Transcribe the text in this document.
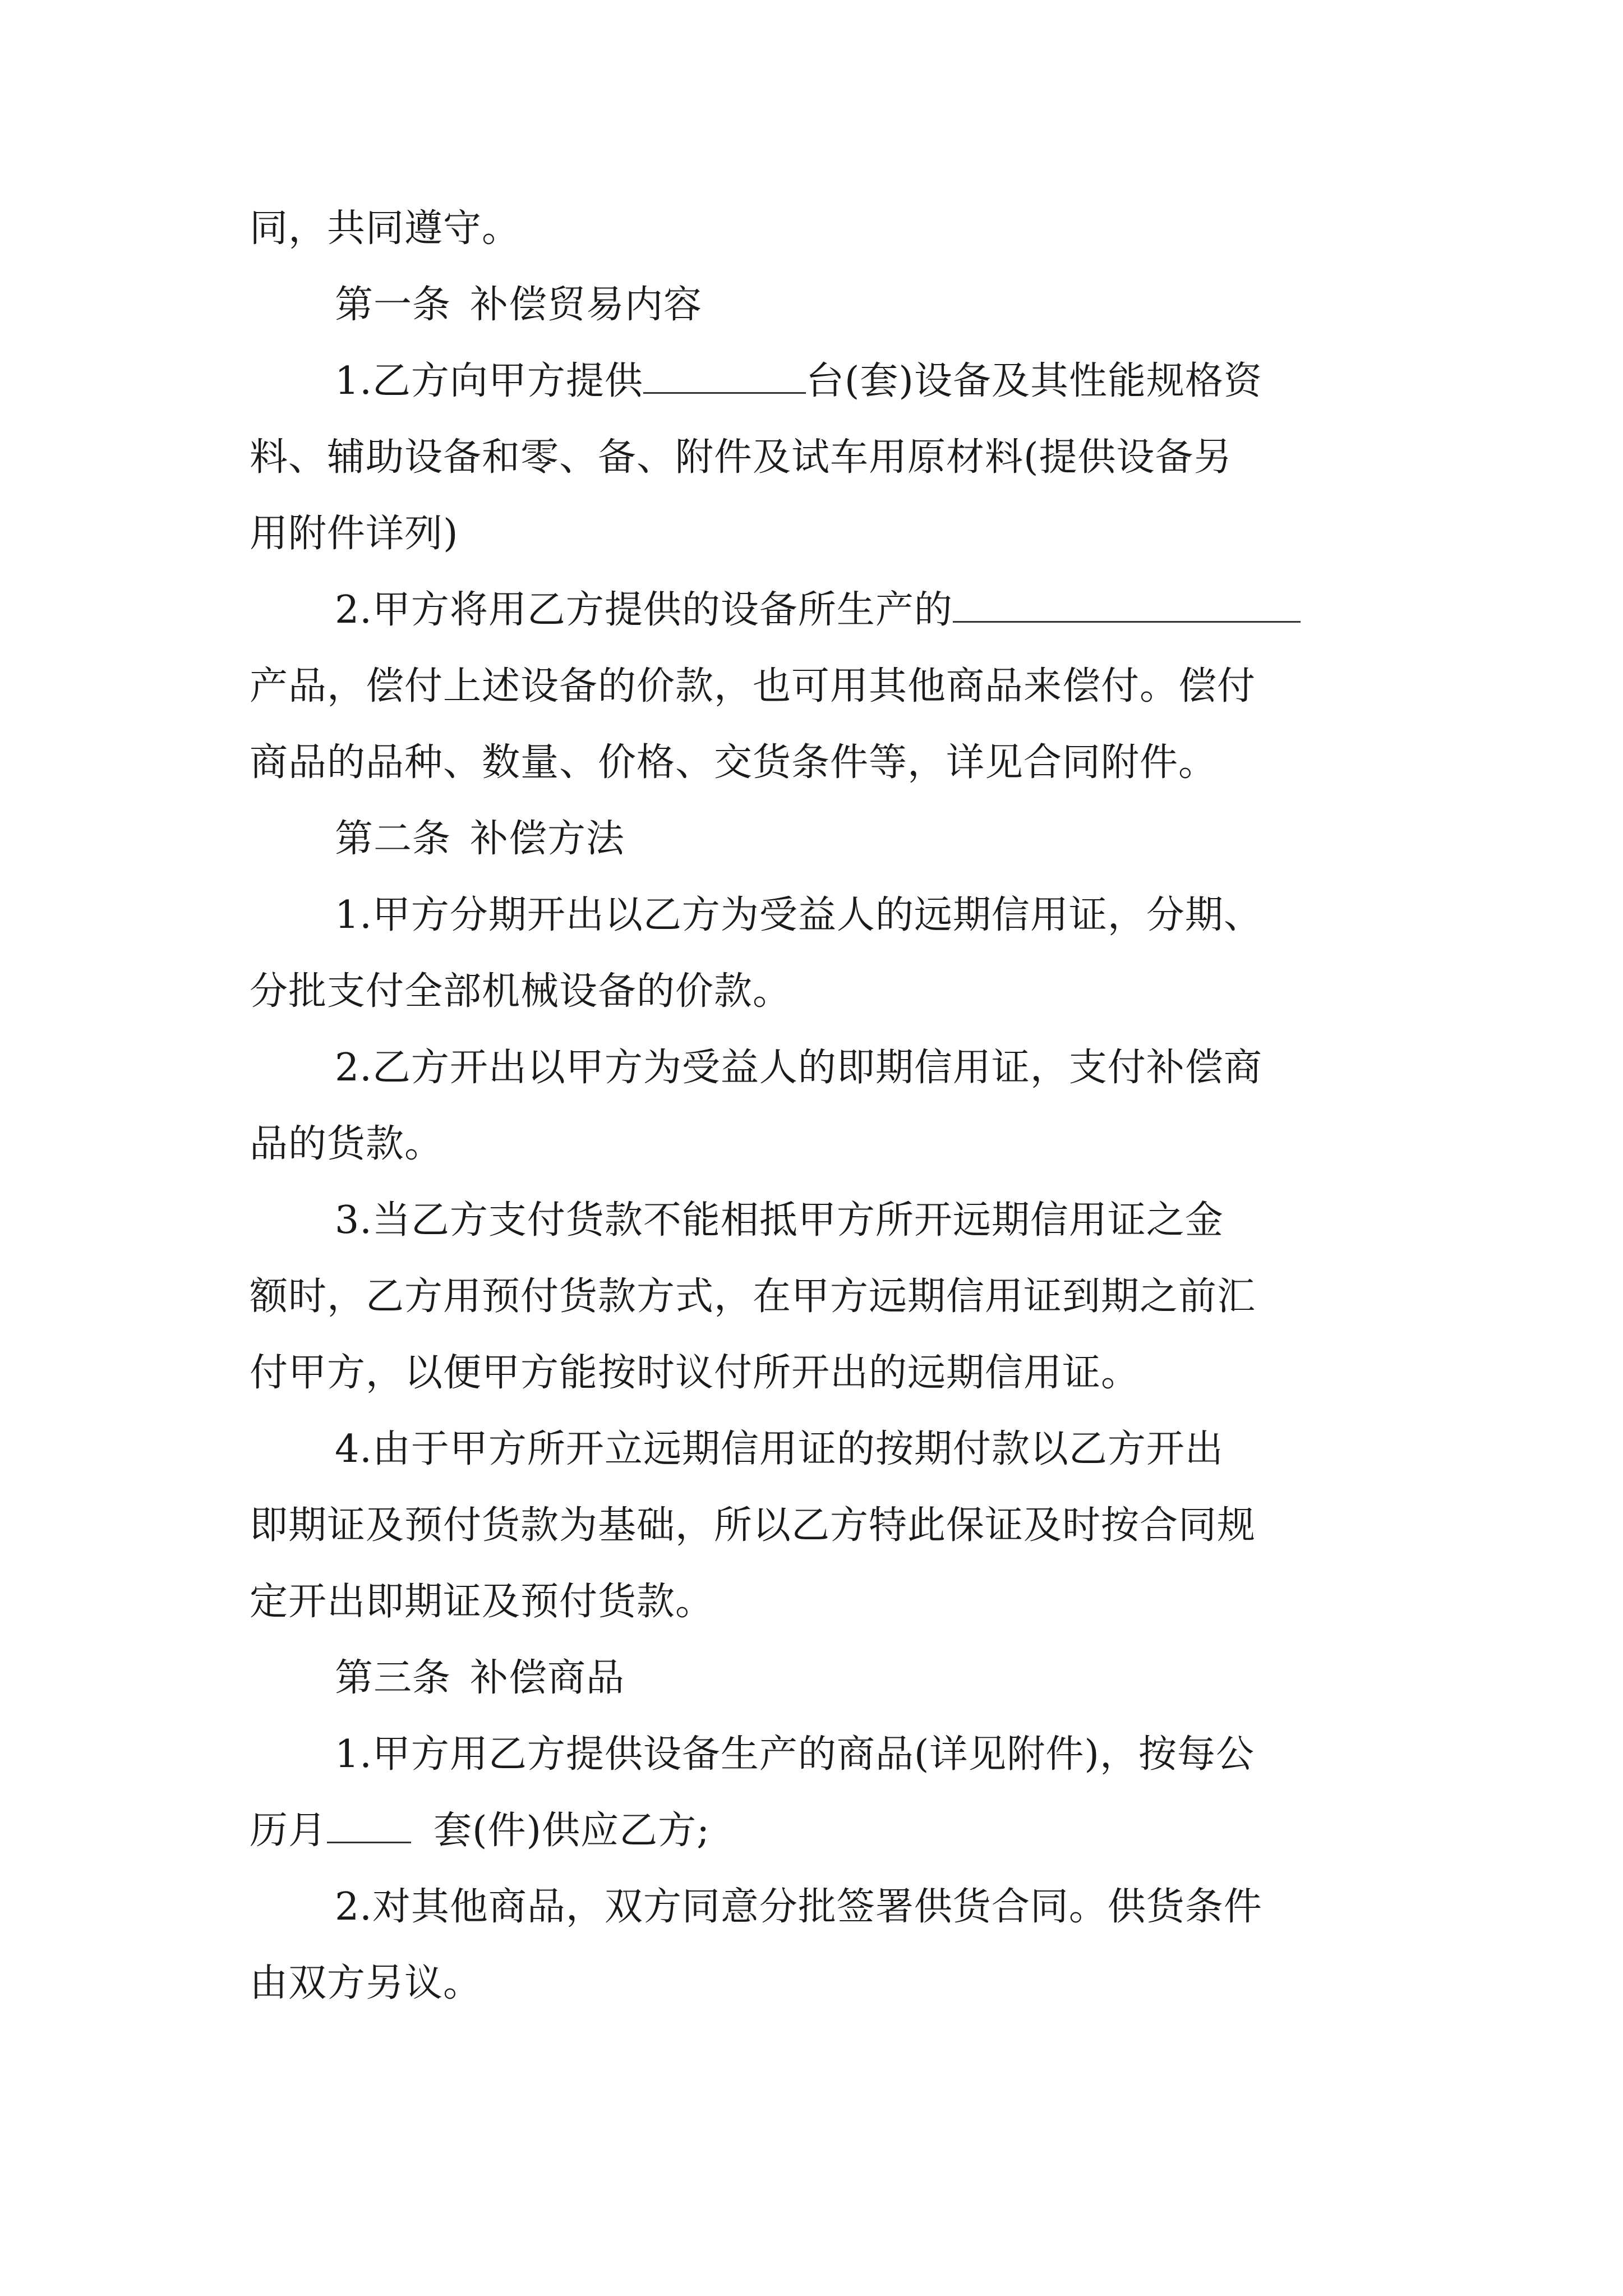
同，共同遵守。
第一条 补偿贸易内容
1.乙方向甲方提供	台(套)设备及其性能规格资
料、辅助设备和零、备、附件及试车用原材料(提供设备另
用附件详列)
2.甲方将用乙方提供的设备所生产的
产品，偿付上述设备的价款，也可用其他商品来偿付。偿付
商品的品种、数量、价格、交货条件等，详见合同附件。
第二条 补偿方法
1.甲方分期开出以乙方为受益人的远期信用证，分期、
分批支付全部机械设备的价款。
2.乙方开出以甲方为受益人的即期信用证，支付补偿商
品的货款。
3.当乙方支付货款不能相抵甲方所开远期信用证之金
额时，乙方用预付货款方式，在甲方远期信用证到期之前汇
付甲方，以便甲方能按时议付所开出的远期信用证。
4.由于甲方所开立远期信用证的按期付款以乙方开出
即期证及预付货款为基础，所以乙方特此保证及时按合同规
定开出即期证及预付货款。
第三条 补偿商品
1.甲方用乙方提供设备生产的商品(详见附件)，按每公
历月	套(件)供应乙方;
2.对其他商品，双方同意分批签署供货合同。供货条件
由双方另议。
